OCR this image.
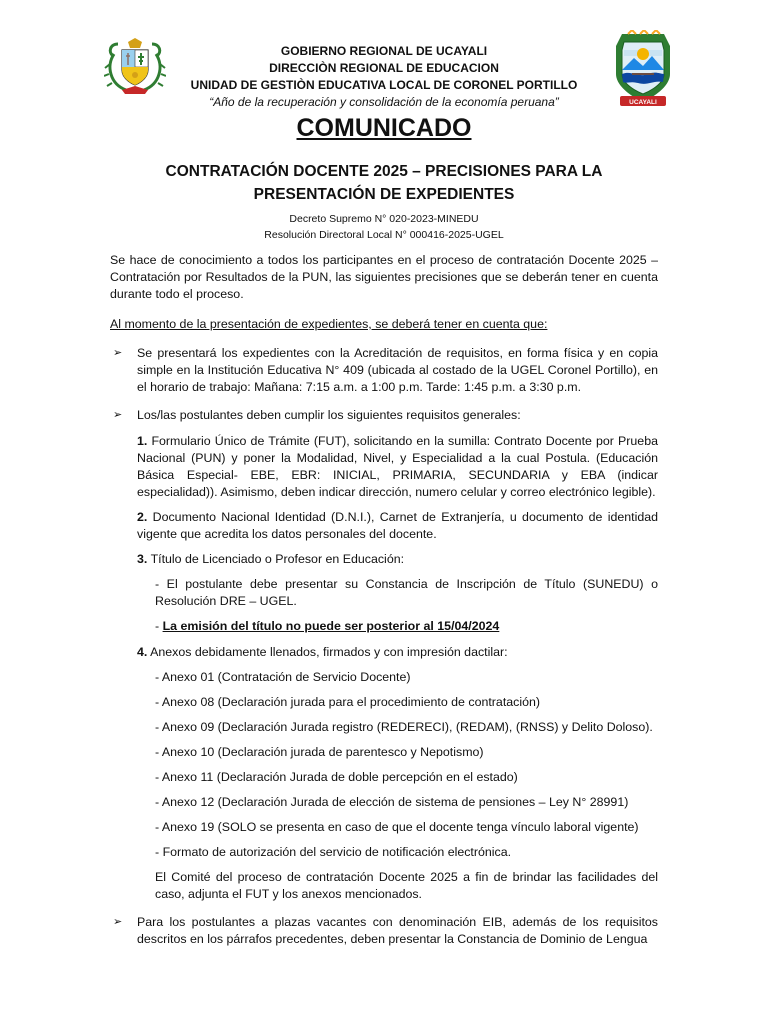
UCAYALI
GOBIERNO REGIONAL DE UCAYALI
DIRECCIÒN REGIONAL DE EDUCACION
UNIDAD DE GESTIÒN EDUCATIVA LOCAL DE CORONEL PORTILLO
“Año de la recuperación y consolidación de la economía peruana”
COMUNICADO
CONTRATACIÓN DOCENTE 2025 – PRECISIONES PARA LA
PRESENTACIÓN DE EXPEDIENTES
Decreto Supremo N° 020-2023-MINEDU
Resolución Directoral Local N° 000416-2025-UGEL

Se hace de conocimiento a todos los participantes en el proceso de contratación Docente 2025 – Contratación por Resultados de la PUN, las siguientes precisiones que se deberán tener en cuenta durante todo el proceso.

Al momento de la presentación de expedientes, se deberá tener en cuenta que:

➢ Se presentará los expedientes con la Acreditación de requisitos, en forma física y en copia simple en la Institución Educativa N° 409 (ubicada al costado de la UGEL Coronel Portillo), en el horario de trabajo: Mañana: 7:15 a.m. a 1:00 p.m. Tarde: 1:45 p.m. a 3:30 p.m.
➢ Los/las postulantes deben cumplir los siguientes requisitos generales:
1. Formulario Único de Trámite (FUT), solicitando en la sumilla: Contrato Docente por Prueba Nacional (PUN) y poner la Modalidad, Nivel, y Especialidad a la cual Postula. (Educación Básica Especial- EBE, EBR: INICIAL, PRIMARIA, SECUNDARIA y EBA (indicar especialidad)). Asimismo, deben indicar dirección, numero celular y correo electrónico legible).
2. Documento Nacional Identidad (D.N.I.), Carnet de Extranjería, u documento de identidad vigente que acredita los datos personales del docente.
3. Título de Licenciado o Profesor en Educación:
- El postulante debe presentar su Constancia de Inscripción de Título (SUNEDU) o Resolución DRE – UGEL.
- La emisión del título no puede ser posterior al 15/04/2024
4. Anexos debidamente llenados, firmados y con impresión dactilar:
- Anexo 01 (Contratación de Servicio Docente)
- Anexo 08 (Declaración jurada para el procedimiento de contratación)
- Anexo 09 (Declaración Jurada registro (REDERECI), (REDAM), (RNSS) y Delito Doloso).
- Anexo 10 (Declaración jurada de parentesco y Nepotismo)
- Anexo 11 (Declaración Jurada de doble percepción en el estado)
- Anexo 12 (Declaración Jurada de elección de sistema de pensiones – Ley N° 28991)
- Anexo 19 (SOLO se presenta en caso de que el docente tenga vínculo laboral vigente)
- Formato de autorización del servicio de notificación electrónica.
El Comité del proceso de contratación Docente 2025 a fin de brindar las facilidades del caso, adjunta el FUT y los anexos mencionados.
➢ Para los postulantes a plazas vacantes con denominación EIB, además de los requisitos descritos en los párrafos precedentes, deben presentar la Constancia de Dominio de Lengua
